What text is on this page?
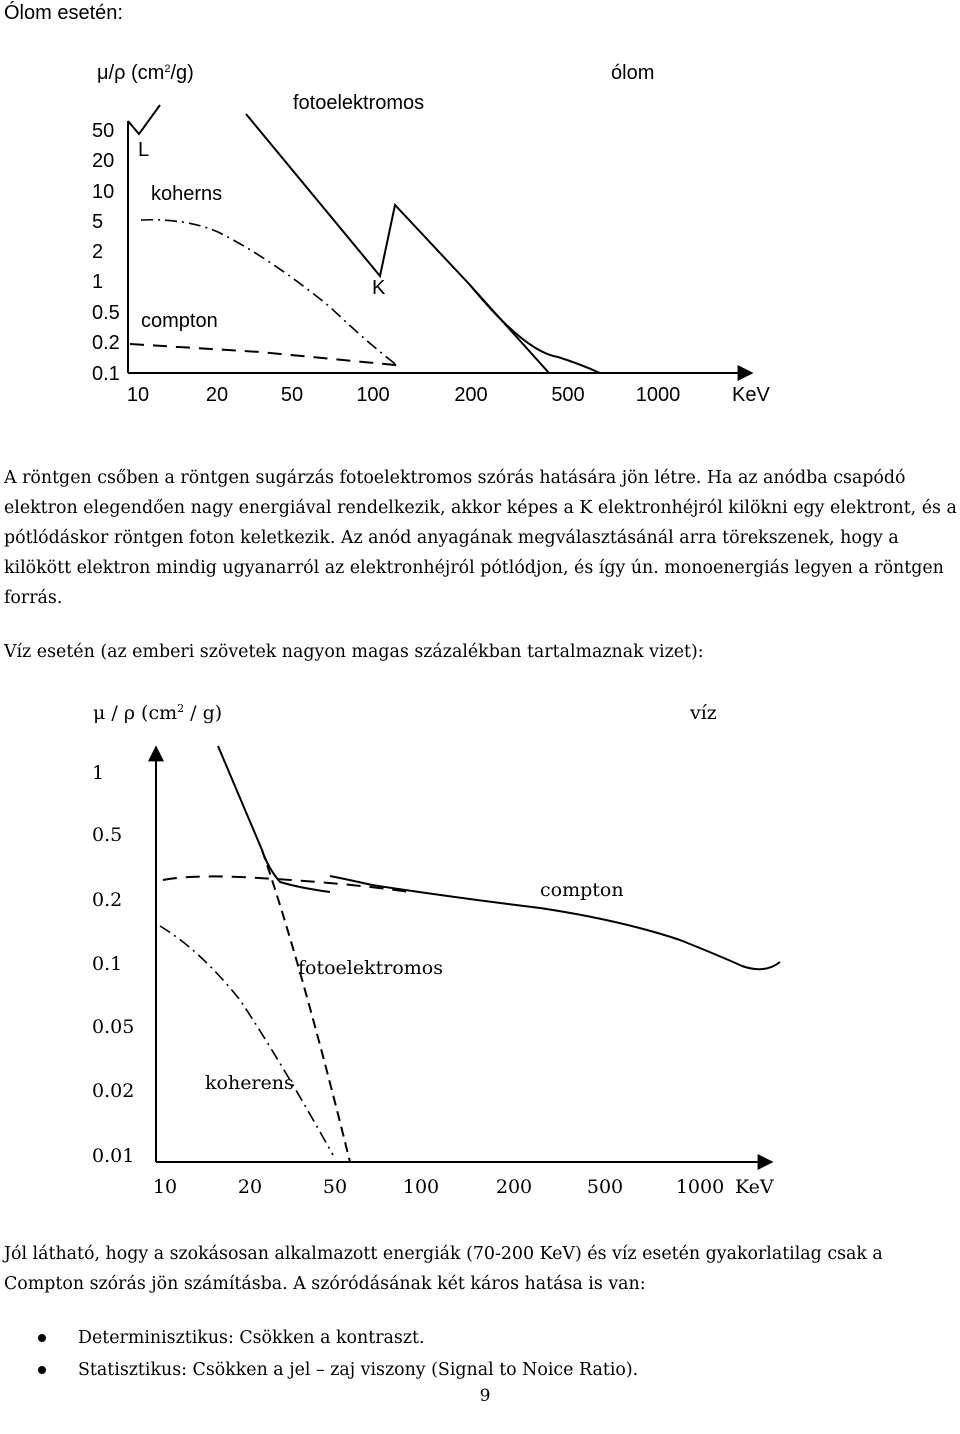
Ólom esetén:
μ/ρ $(cm^2/g)$	ólom
fotoelektromos
L
koherns
K
compton
50
20
10
5
2
1
0.5
0.2
0.1
10	20	50	100	200	500	1000	KeV
A röntgen csőben a röntgen sugárzás fotoelektromos szórás hatására jön létre. Ha az anódba csapódó elektron elegendően nagy energiával rendelkezik, akkor képes a K elektronhéjról kilökni egy elektront, és a pótlódáskor röntgen foton keletkezik. Az anód anyagának megválasztásánál arra törekszenek, hogy a kilökött elektron mindig ugyanarról az elektronhéjról pótlódjon, és így ún. monoenergiás legyen a röntgen forrás.
Víz esetén (az emberi szövetek nagyon magas százalékban tartalmaznak vizet):
μ / ρ $(cm^2 / g)$	víz
compton
fotoelektromos
koherens
1
0.5
0.2
0.1
0.05
0.02
0.01
10	20	50	100	200	500	1000 KeV
Jól látható, hogy a szokásosan alkalmazott energiák (70-200 KeV) és víz esetén gyakorlatilag csak a Compton szórás jön számításba. A szóródásának két káros hatása is van:
Determinisztikus: Csökken a kontraszt.
Statisztikus: Csökken a jel – zaj viszony (Signal to Noice Ratio).
9
